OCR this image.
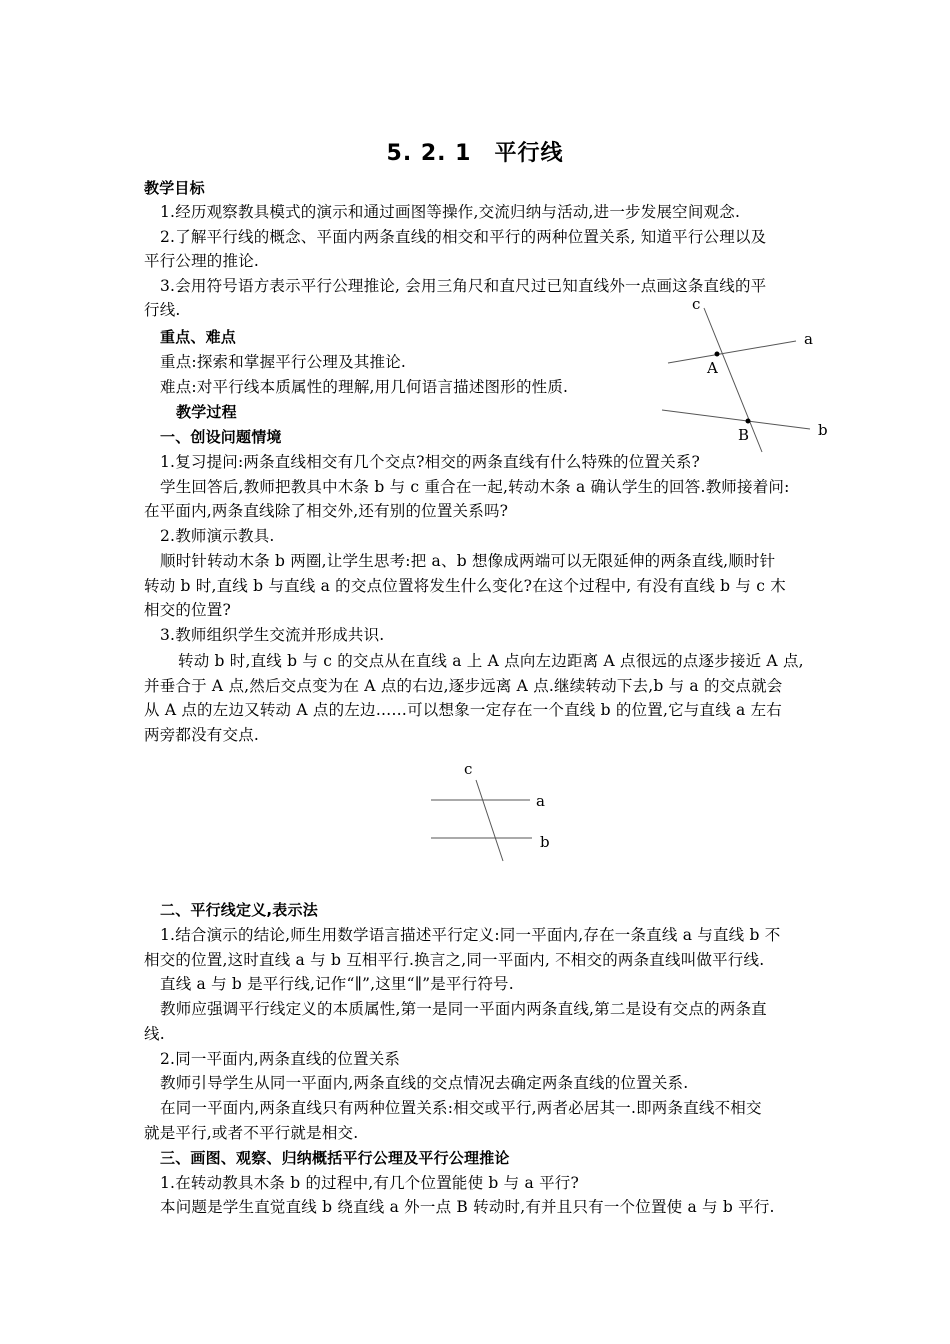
5. 2. 1　平行线
教学目标
1.经历观察教具模式的演示和通过画图等操作,交流归纳与活动,进一步发展空间观念.
2.了解平行线的概念、平面内两条直线的相交和平行的两种位置关系, 知道平行公理以及
平行公理的推论.
3.会用符号语方表示平行公理推论, 会用三角尺和直尺过已知直线外一点画这条直线的平
行线.
重点、难点
重点:探索和掌握平行公理及其推论.
难点:对平行线本质属性的理解,用几何语言描述图形的性质.
教学过程
一、创设问题情境
1.复习提问:两条直线相交有几个交点?相交的两条直线有什么特殊的位置关系?
学生回答后,教师把教具中木条 b 与 c 重合在一起,转动木条 a 确认学生的回答.教师接着问:
在平面内,两条直线除了相交外,还有别的位置关系吗?
2.教师演示教具.
顺时针转动木条 b 两圈,让学生思考:把 a、b 想像成两端可以无限延伸的两条直线,顺时针
转动 b 时,直线 b 与直线 a 的交点位置将发生什么变化?在这个过程中, 有没有直线 b 与 c 木
相交的位置?
3.教师组织学生交流并形成共识.
转动 b 时,直线 b 与 c 的交点从在直线 a 上 A 点向左边距离 A 点很远的点逐步接近 A 点,
并垂合于 A 点,然后交点变为在 A 点的右边,逐步远离 A 点.继续转动下去,b 与 a 的交点就会
从 A 点的左边又转动 A 点的左边……可以想象一定存在一个直线 b 的位置,它与直线 a 左右
两旁都没有交点.
二、平行线定义,表示法
1.结合演示的结论,师生用数学语言描述平行定义:同一平面内,存在一条直线 a 与直线 b 不
相交的位置,这时直线 a 与 b 互相平行.换言之,同一平面内, 不相交的两条直线叫做平行线.
直线 a 与 b 是平行线,记作“∥”,这里“∥”是平行符号.
教师应强调平行线定义的本质属性,第一是同一平面内两条直线,第二是设有交点的两条直
线.
2.同一平面内,两条直线的位置关系
教师引导学生从同一平面内,两条直线的交点情况去确定两条直线的位置关系.
在同一平面内,两条直线只有两种位置关系:相交或平行,两者必居其一.即两条直线不相交
就是平行,或者不平行就是相交.
三、画图、观察、归纳概括平行公理及平行公理推论
1.在转动教具木条 b 的过程中,有几个位置能使 b 与 a 平行?
本问题是学生直觉直线 b 绕直线 a 外一点 B 转动时,有并且只有一个位置使 a 与 b 平行.
c
a
b
A
B
c
a
b
